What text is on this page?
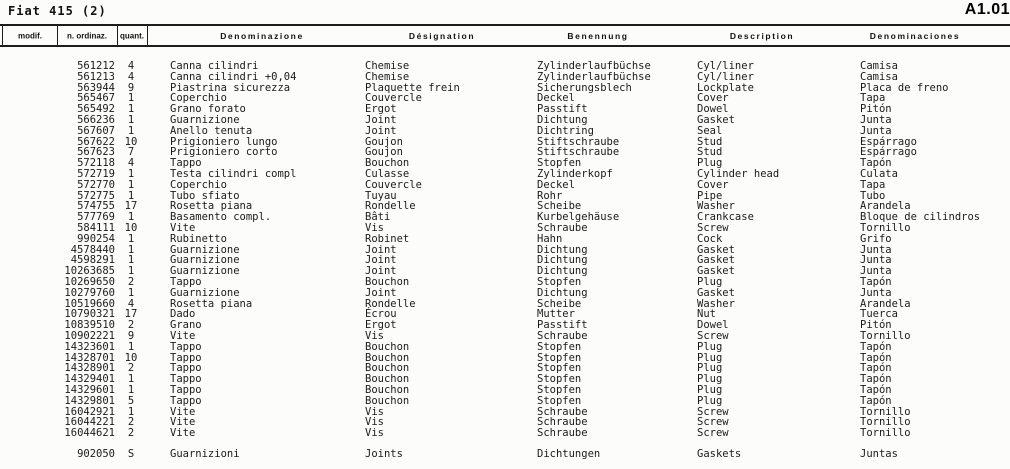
Fiat 415 (2)	A1.01
modif.	n. ordinaz. quant.	Denominazione	Désignation	Benennung	Description	Denominaciones
561212	4	Canna cilindri	Chemise	Zylinderlaufbüchse	Cyl/liner	Camisa
561213	4	Canna cilindri +0,04	Chemise	Zylinderlaufbüchse	Cyl/liner	Camisa
563944	9	Piastrina sicurezza	Plaquette frein	Sicherungsblech	Lockplate	Placa de freno
565467	1	Coperchio	Couvercle	Deckel	Cover	Tapa
565492	1	Grano forato	Ergot	Passtift	Dowel	Pitón
566236	1	Guarnizione	Joint	Dichtung	Gasket	Junta
567607	1	Anello tenuta	Joint	Dichtring	Seal	Junta
567622 10	Prigioniero lungo	Goujon	Stiftschraube	Stud	Espárrago
567623	7	Prigioniero corto	Goujon	Stiftschraube	Stud	Espárrago
572118	4	Tappo	Bouchon	Stopfen	Plug	Tapón
572719	1	Testa cilindri compl	Culasse	Zylinderkopf	Cylinder head	Culata
572770	1	Coperchio	Couvercle	Deckel	Cover	Tapa
572775	1	Tubo sfiato	Tuyau	Rohr	Pipe	Tubo
574755 17	Rosetta piana	Rondelle	Scheibe	Washer	Arandela
577769	1	Basamento compl.	Bâti	Kurbelgehäuse	Crankcase	Bloque de cilindros
584111 10	Vite	Vis	Schraube	Screw	Tornillo
990254	1	Rubinetto	Robinet	Hahn	Cock	Grifo
4578440	1	Guarnizione	Joint	Dichtung	Gasket	Junta
4598291	1	Guarnizione	Joint	Dichtung	Gasket	Junta
10263685	1	Guarnizione	Joint	Dichtung	Gasket	Junta
10269650	2	Tappo	Bouchon	Stopfen	Plug	Tapón
10279760	1	Guarnizione	Joint	Dichtung	Gasket	Junta
10519660	4	Rosetta piana	Rondelle	Scheibe	Washer	Arandela
10790321 17	Dado	Écrou	Mutter	Nut	Tuerca
10839510	2	Grano	Ergot	Passtift	Dowel	Pitón
10902221	9	Vite	Vis	Schraube	Screw	Tornillo
14323601	1	Tappo	Bouchon	Stopfen	Plug	Tapón
14328701 10	Tappo	Bouchon	Stopfen	Plug	Tapón
14328901	2	Tappo	Bouchon	Stopfen	Plug	Tapón
14329401	1	Tappo	Bouchon	Stopfen	Plug	Tapón
14329601	1	Tappo	Bouchon	Stopfen	Plug	Tapón
14329801	5	Tappo	Bouchon	Stopfen	Plug	Tapón
16042921	1	Vite	Vis	Schraube	Screw	Tornillo
16044221	2	Vite	Vis	Schraube	Screw	Tornillo
16044621	2	Vite	Vis	Schraube	Screw	Tornillo
902050	S	Guarnizioni	Joints	Dichtungen	Gaskets	Juntas
